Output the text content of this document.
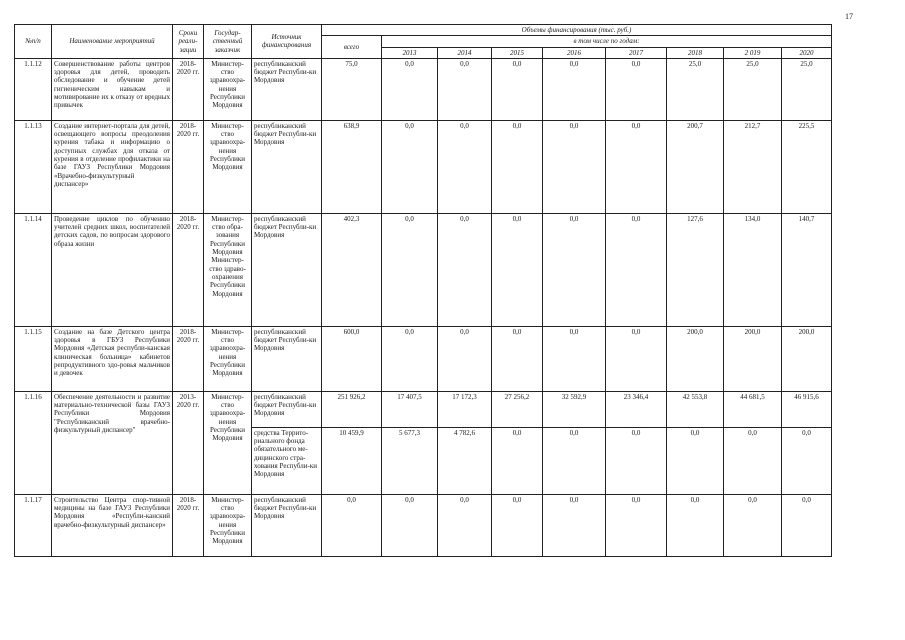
17
№п/п	Наименование мероприятий	Сроки реали-зации	Государ-ственный заказчик	Источник финансирования	Объемы финансирования (тыс. руб.)								
					всего	в том числе по годам:							
						2013	2014	2015	2016	2017	2018	2 019	2020
1.1.12	Совершенствование работы центров здоровья для детей, проводить обследование и обучение детей гигиеническим навыкам и мотивирование их к отказу от вредных привычек	2018-2020 гг.	Министер-ство здравоохра-нения Республики Мордовия	республиканский бюджет Республи-ки Мордовия	75,0	0,0	0,0	0,0	0,0	0,0	25,0	25,0	25,0
1.1.13	Создание интернет-портала для детей, освещающего вопросы преодоления курения табака и информацию о доступных службах для отказа от курения в отделение профилактики на базе ГАУЗ Республики Мордовия «Врачебно-физкультурный диспансер»	2018-2020 гг.	Министер-ство здравоохра-нения Республики Мордовия	республиканский бюджет Республи-ки Мордовия	638,9	0,0	0,0	0,0	0,0	0,0	200,7	212,7	225,5
1.1.14	Проведение циклов по обучению учителей средних школ, воспитателей детских садов, по вопросам здорового образа жизни	2018-2020 гг.	Министер-ство обра-зования Республики Мордовия Министер-ство здраво-охранения Республики Мордовия	республиканский бюджет Республи-ки Мордовия	402,3	0,0	0,0	0,0	0,0	0,0	127,6	134,0	140,7
1.1.15	Создание на базе Детского центра здоровья в ГБУЗ Республики Мордовия «Детская республи-канская клиническая больница» кабинетов репродуктивного здо-ровья мальчиков и девочек	2018-2020 гг.	Министер-ство здравоохра-нения Республики Мордовия	республиканский бюджет Республи-ки Мордовия	600,0	0,0	0,0	0,0	0,0	0,0	200,0	200,0	200,0
1.1.16	Обеспечение деятельности и развитие материально-технической базы ГАУЗ Республики Мордовия "Республиканский врачебно-физкультурный диспансер"	2013-2020 гг.	Министер-ство здравоохра-нения Республики Мордовия	республиканский бюджет Республи-ки Мордовия	251 926,2	17 407,5	17 172,3	27 256,2	32 592,9	23 346,4	42 553,8	44 681,5	46 915,6
				средства Террито-риального фонда обязательного ме-дицинского стра-хования Республи-ки Мордовия	10 459,9	5 677,3	4 782,6	0,0	0,0	0,0	0,0	0,0	0,0
1.1.17	Строительство Центра спор-тивной медицины на базе ГАУЗ Республики Мордовия «Республи-канский врачебно-физкультурный диспансер»	2018-2020 гг.	Министер-ство здравоохра-нения Республики Мордовия	республиканский бюджет Республи-ки Мордовия	0,0	0,0	0,0	0,0	0,0	0,0	0,0	0,0	0,0
